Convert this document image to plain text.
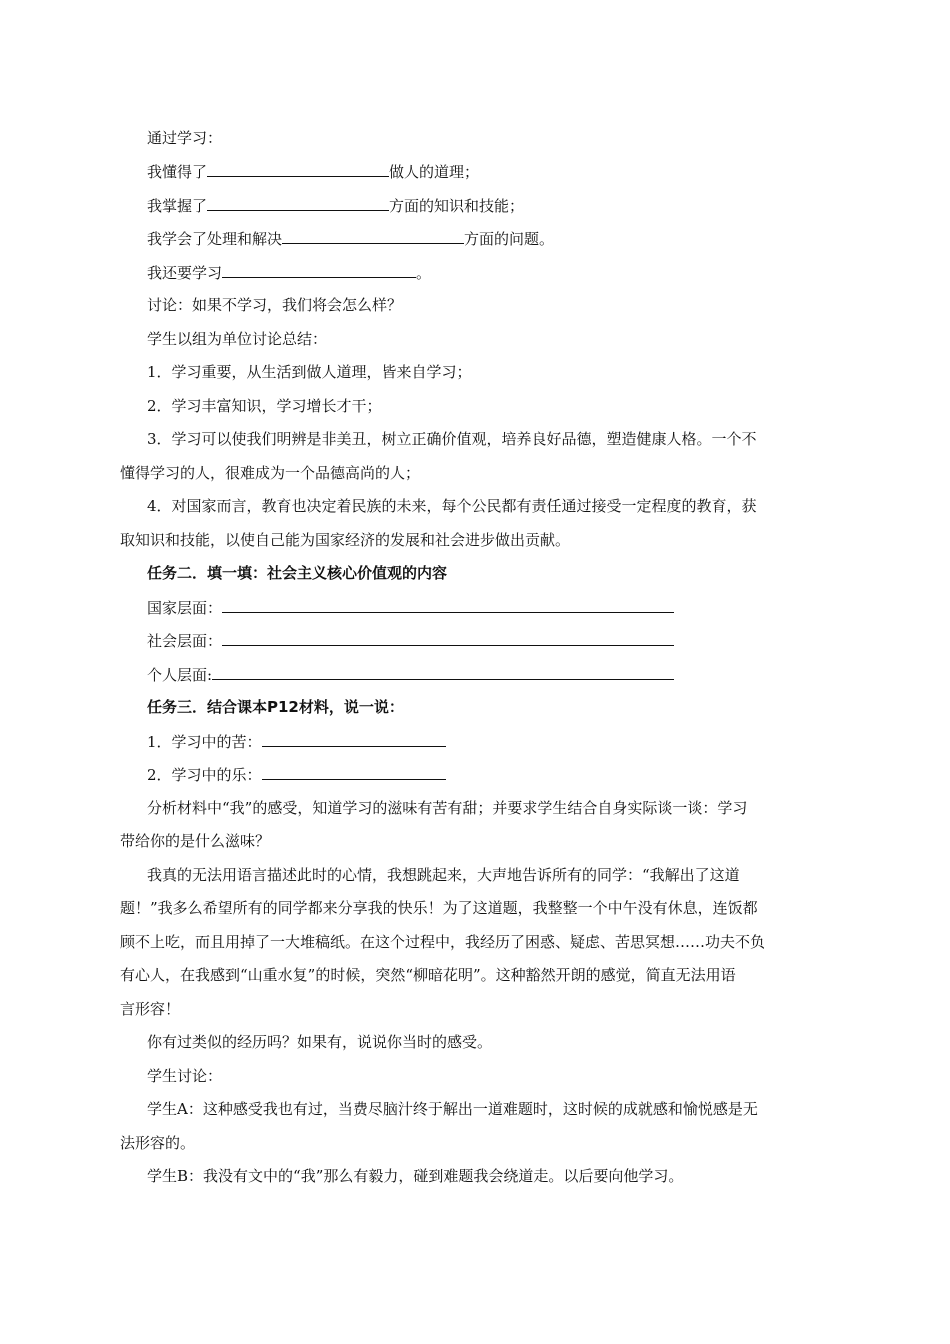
通过学习：
我懂得了	做人的道理；
我掌握了	方面的知识和技能；
我学会了处理和解决	方面的问题。
我还要学习	。
讨论：如果不学习，我们将会怎么样？
学生以组为单位讨论总结：
1．学习重要，从生活到做人道理，皆来自学习；
2．学习丰富知识，学习增长才干；
3．学习可以使我们明辨是非美丑，树立正确价值观，培养良好品德，塑造健康人格。一个不
懂得学习的人，很难成为一个品德高尚的人；
4．对国家而言，教育也决定着民族的未来，每个公民都有责任通过接受一定程度的教育，获
取知识和技能，以使自己能为国家经济的发展和社会进步做出贡献。
任务二．填一填：社会主义核心价值观的内容
国家层面：
社会层面：
个人层面:
任务三．结合课本P12材料，说一说：
1．学习中的苦：
2．学习中的乐：
分析材料中“我”的感受，知道学习的滋味有苦有甜；并要求学生结合自身实际谈一谈：学习
带给你的是什么滋味？
我真的无法用语言描述此时的心情，我想跳起来，大声地告诉所有的同学：“我解出了这道
题！”我多么希望所有的同学都来分享我的快乐！为了这道题，我整整一个中午没有休息，连饭都
顾不上吃，而且用掉了一大堆稿纸。在这个过程中，我经历了困惑、疑虑、苦思冥想……功夫不负
有心人，在我感到“山重水复”的时候，突然“柳暗花明”。这种豁然开朗的感觉，简直无法用语
言形容！
你有过类似的经历吗？如果有，说说你当时的感受。
学生讨论：
学生A：这种感受我也有过，当费尽脑汁终于解出一道难题时，这时候的成就感和愉悦感是无
法形容的。
学生B：我没有文中的“我”那么有毅力，碰到难题我会绕道走。以后要向他学习。
